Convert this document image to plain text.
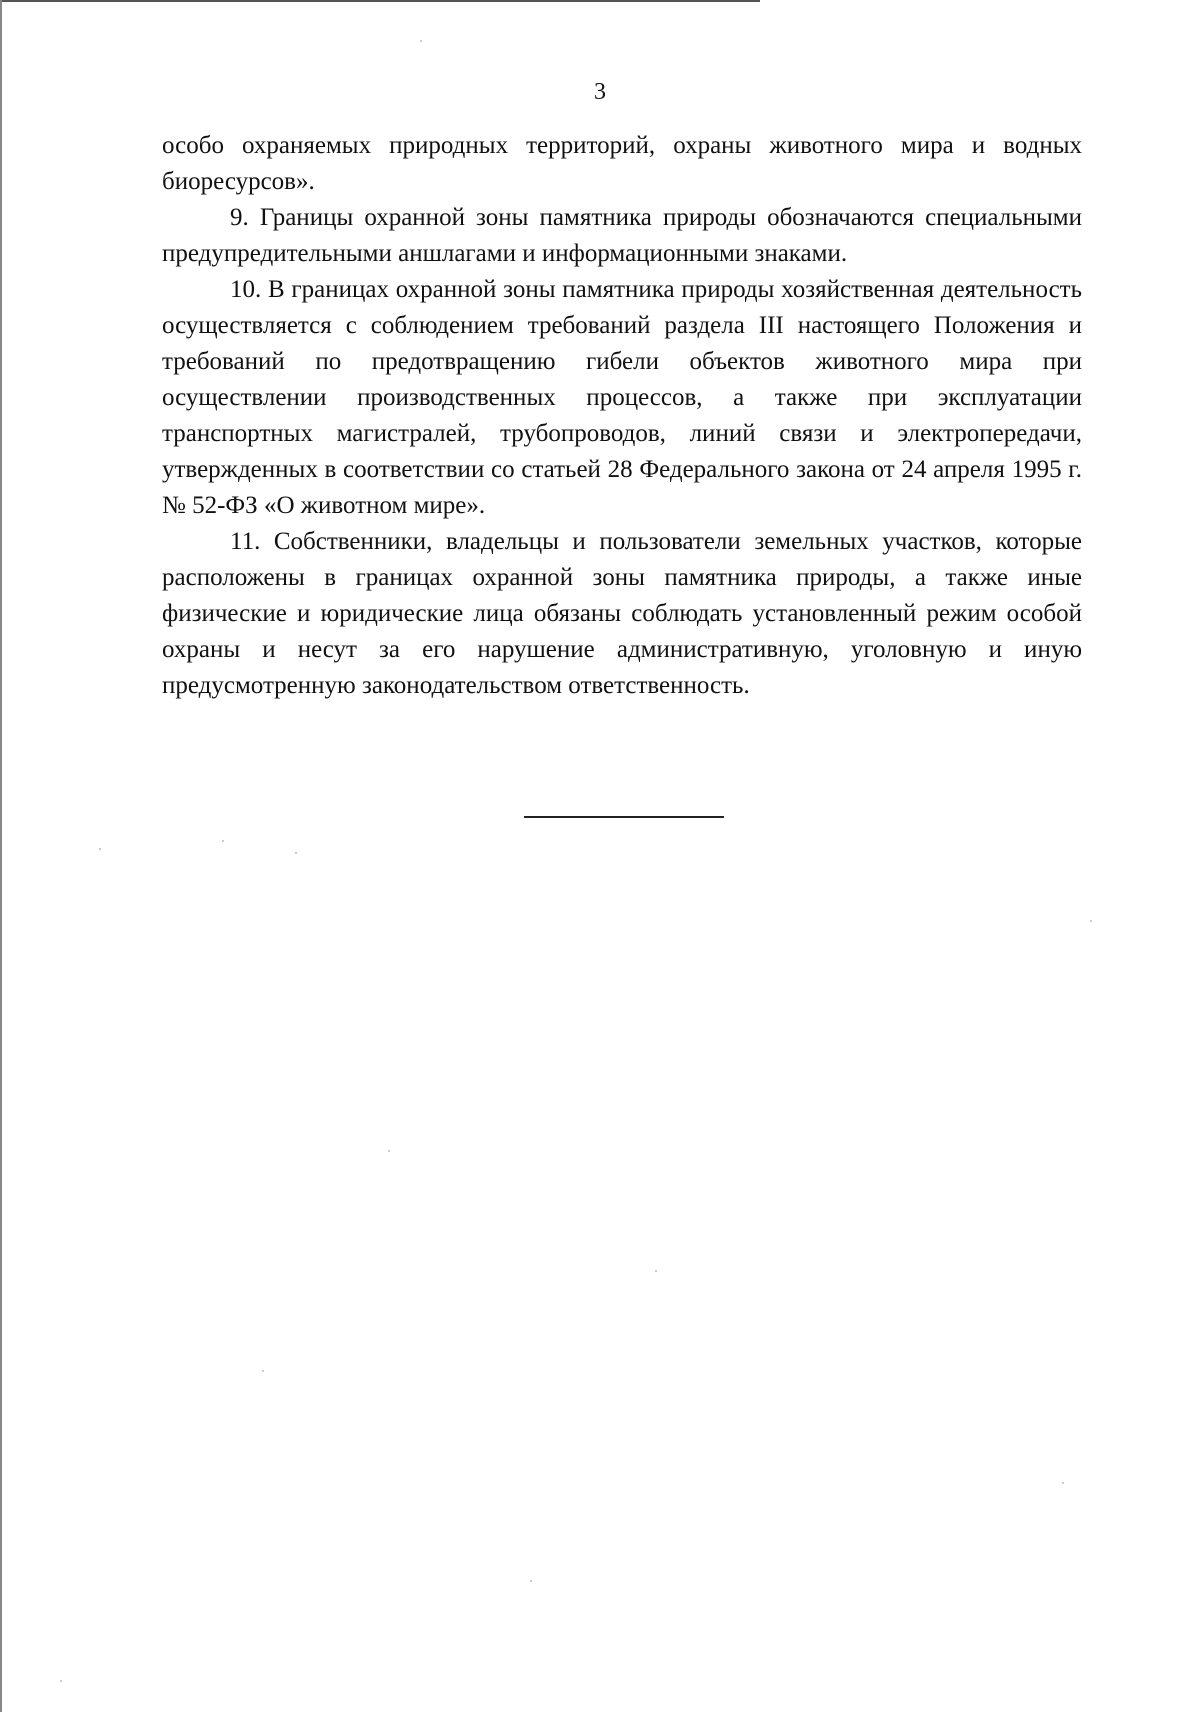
3

особо охраняемых природных территорий, охраны животного мира и водных биоресурсов».

9. Границы охранной зоны памятника природы обозначаются специальными предупредительными аншлагами и информационными знаками.

10. В границах охранной зоны памятника природы хозяйственная деятельность осуществляется с соблюдением требований раздела III настоящего Положения и требований по предотвращению гибели объектов животного мира при осуществлении производственных процессов, а также при эксплуатации транспортных магистралей, трубопроводов, линий связи и электропередачи, утвержденных в соответствии со статьей 28 Федерального закона от 24 апреля 1995 г. № 52-ФЗ «О животном мире».

11. Собственники, владельцы и пользователи земельных участков, которые расположены в границах охранной зоны памятника природы, а также иные физические и юридические лица обязаны соблюдать установленный режим особой охраны и несут за его нарушение административную, уголовную и иную предусмотренную законодательством ответственность.
